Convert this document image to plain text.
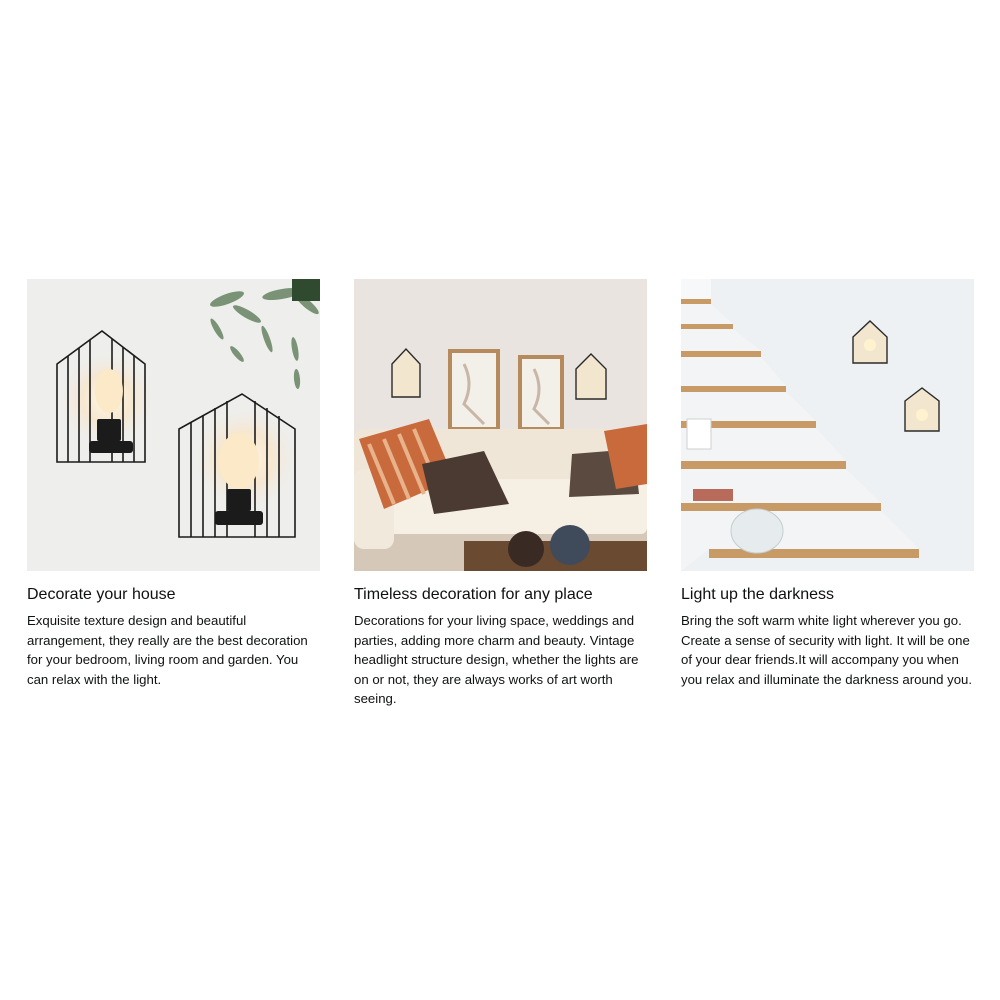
Decorate your house

Exquisite texture design and beautiful arrangement, they really are the best decoration for your bedroom, living room and garden. You can relax with the light.

Timeless decoration for any place

Decorations for your living space, weddings and parties, adding more charm and beauty. Vintage headlight structure design, whether the lights are on or not, they are always works of art worth seeing.

Light up the darkness

Bring the soft warm white light wherever you go. Create a sense of security with light. It will be one of your dear friends.It will accompany you when you relax and illuminate the darkness around you.
